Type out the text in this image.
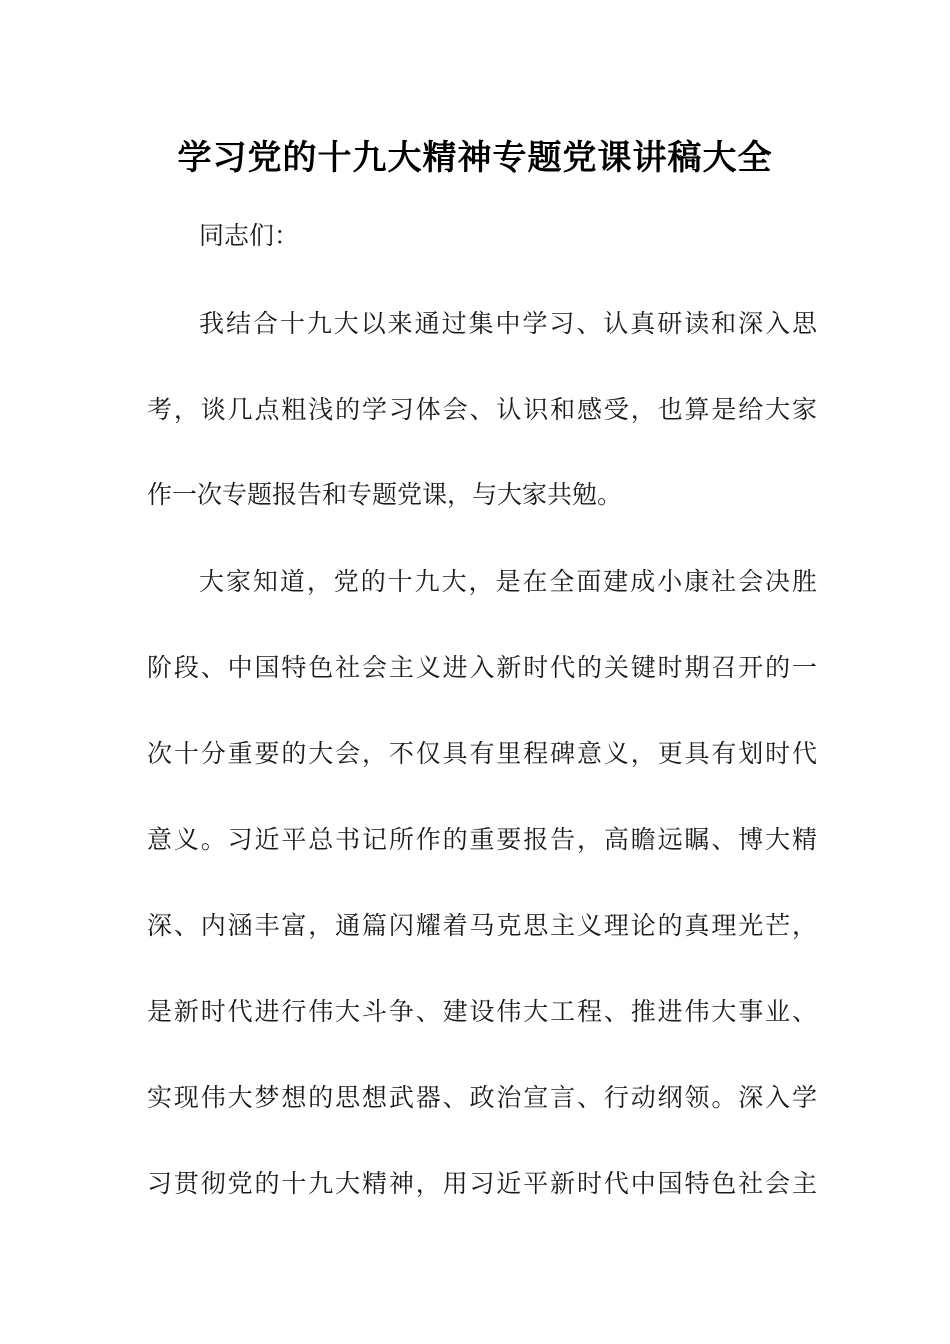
学习党的十九大精神专题党课讲稿大全

同志们：

我结合十九大以来通过集中学习、认真研读和深入思

考，谈几点粗浅的学习体会、认识和感受，也算是给大家

作一次专题报告和专题党课，与大家共勉。

大家知道，党的十九大，是在全面建成小康社会决胜

阶段、中国特色社会主义进入新时代的关键时期召开的一

次十分重要的大会，不仅具有里程碑意义，更具有划时代

意义。习近平总书记所作的重要报告，高瞻远瞩、博大精

深、内涵丰富，通篇闪耀着马克思主义理论的真理光芒，

是新时代进行伟大斗争、建设伟大工程、推进伟大事业、

实现伟大梦想的思想武器、政治宣言、行动纲领。深入学

习贯彻党的十九大精神，用习近平新时代中国特色社会主
